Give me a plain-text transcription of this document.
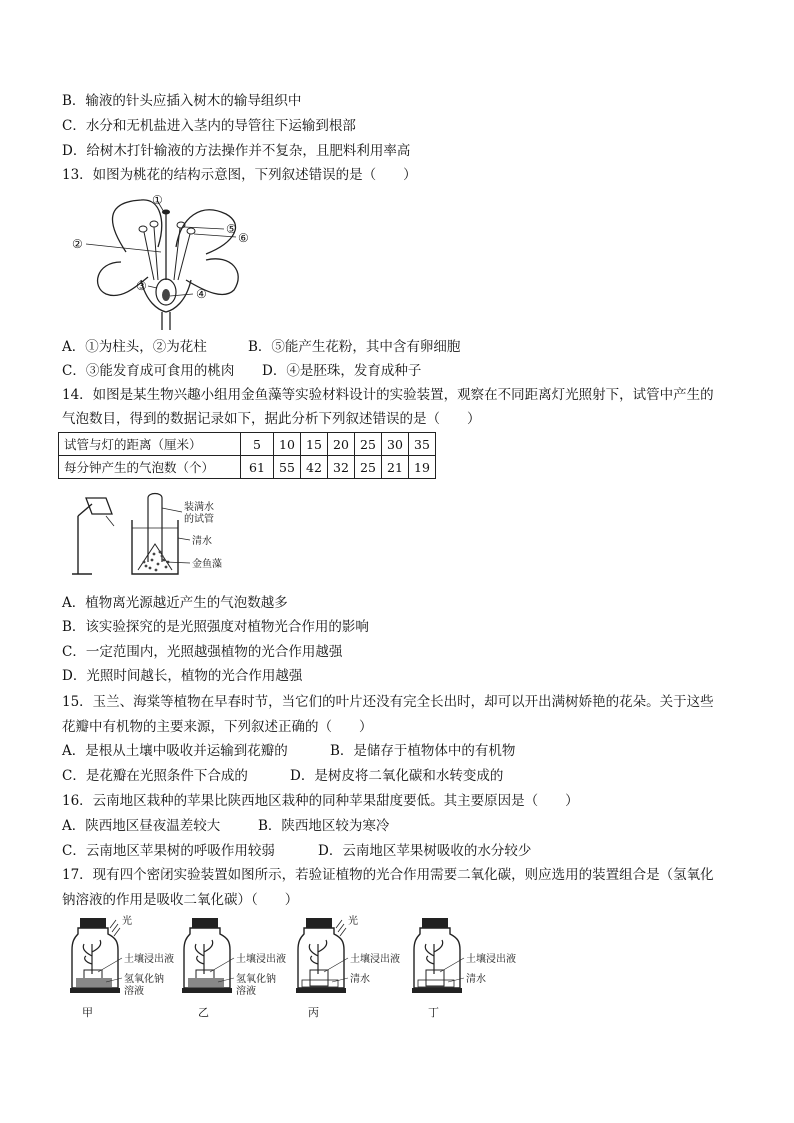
B．输液的针头应插入树木的输导组织中
C．水分和无机盐进入茎内的导管往下运输到根部
D．给树木打针输液的方法操作并不复杂，且肥料利用率高
13．如图为桃花的结构示意图，下列叙述错误的是（　　）
①
②
③
④
⑤
⑥
A．①为柱头，②为花柱	B．⑤能产生花粉，其中含有卵细胞
C．③能发育成可食用的桃肉 D．④是胚珠，发育成种子
14．如图是某生物兴趣小组用金鱼藻等实验材料设计的实验装置，观察在不同距离灯光照射下，试管中产生的
气泡数目，得到的数据记录如下，据此分析下列叙述错误的是（　　）
试管与灯的距离（厘米）	5	10	15	20	25	30	35
每分钟产生的气泡数（个）	61	55	42	32	25	21	19
装满水
的试管
清水
金鱼藻
A．植物离光源越近产生的气泡数越多
B．该实验探究的是光照强度对植物光合作用的影响
C．一定范围内，光照越强植物的光合作用越强
D．光照时间越长，植物的光合作用越强
15．玉兰、海棠等植物在早春时节，当它们的叶片还没有完全长出时，却可以开出满树娇艳的花朵。关于这些
花瓣中有机物的主要来源，下列叙述正确的（　　）
A．是根从土壤中吸收并运输到花瓣的	B．是储存于植物体中的有机物
C．是花瓣在光照条件下合成的	D．是树皮将二氧化碳和水转变成的
16．云南地区栽种的苹果比陕西地区栽种的同种苹果甜度要低。其主要原因是（　　）
A．陕西地区昼夜温差较大	B．陕西地区较为寒冷
C．云南地区苹果树的呼吸作用较弱	D．云南地区苹果树吸收的水分较少
17．现有四个密闭实验装置如图所示，若验证植物的光合作用需要二氧化碳，则应选用的装置组合是（氢氧化
钠溶液的作用是吸收二氧化碳）（　　）
光
土壤浸出液
氢氧化钠
溶液
甲
土壤浸出液
氢氧化钠
溶液
乙
光
土壤浸出液
清水
丙
土壤浸出液
清水
丁
